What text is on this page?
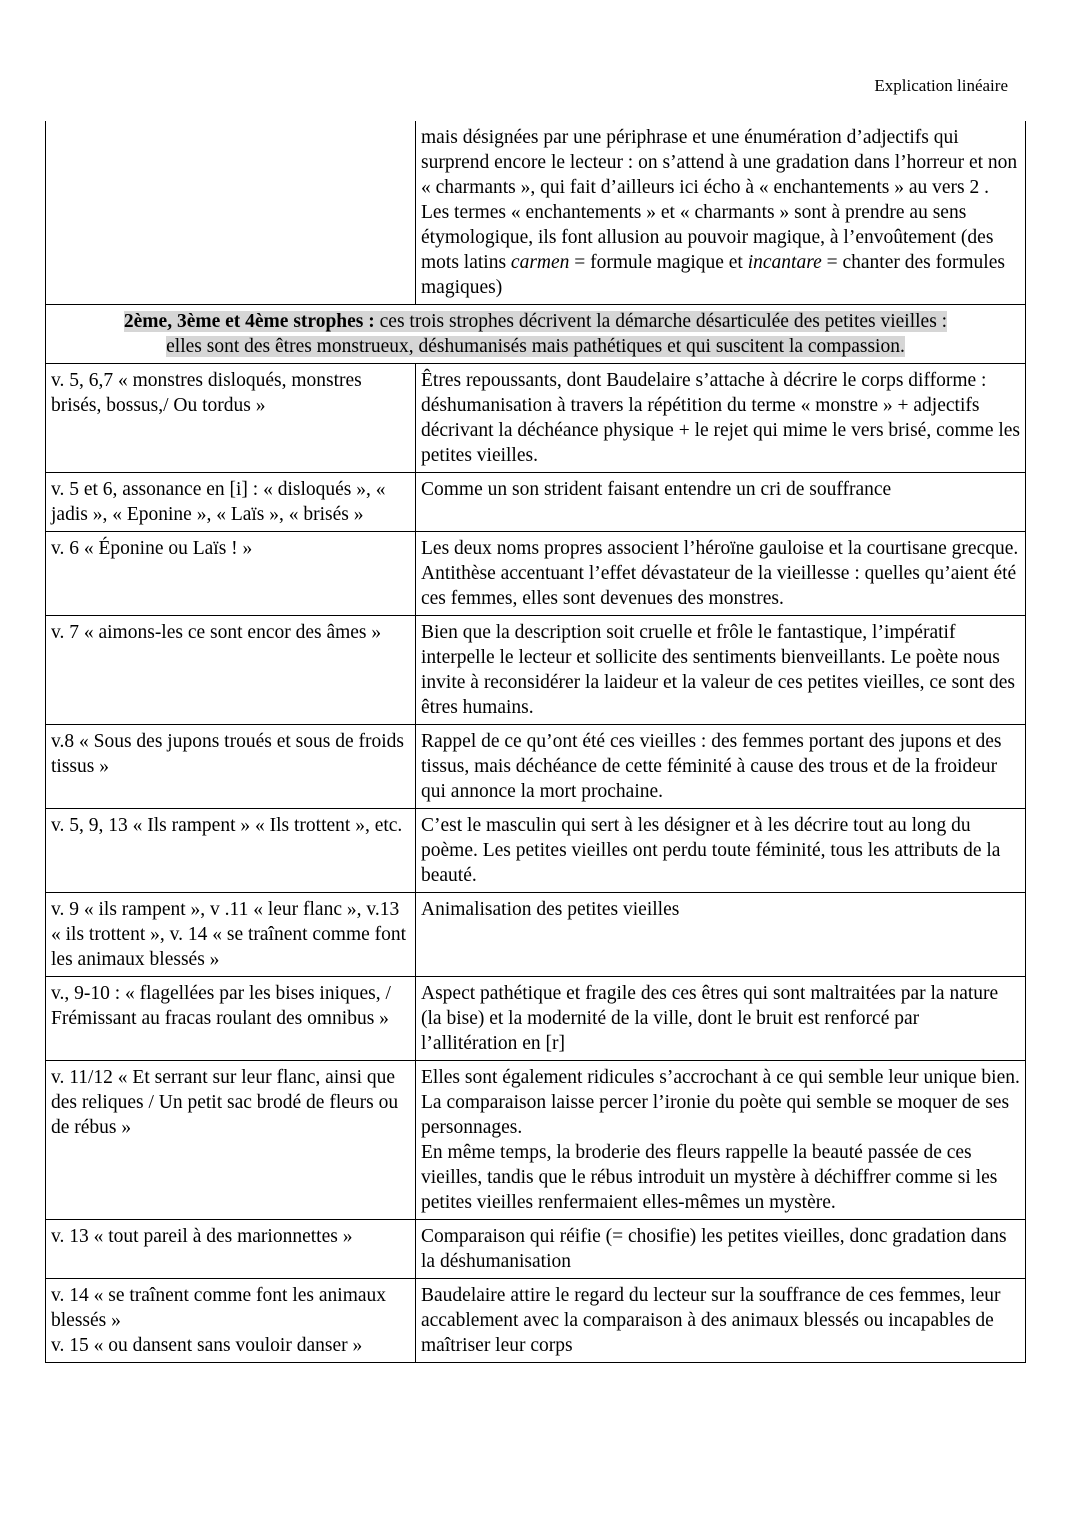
Explication linéaire

	mais désignées par une périphrase et une énumération d’adjectifs qui surprend encore le lecteur : on s’attend à une gradation dans l’horreur et non « charmants », qui fait d’ailleurs ici écho à « enchantements » au vers 2 .
Les termes « enchantements » et « charmants » sont à prendre au sens étymologique, ils font allusion au pouvoir magique, à l’envoûtement (des mots latins carmen = formule magique et incantare = chanter des formules magiques)

2ème, 3ème et 4ème strophes : ces trois strophes décrivent la démarche désarticulée des petites vieilles :
elles sont des êtres monstrueux, déshumanisés mais pathétiques et qui suscitent la compassion.	

v. 5, 6,7 « monstres disloqués, monstres brisés, bossus,/ Ou tordus »	Êtres repoussants, dont Baudelaire s’attache à décrire le corps difforme : déshumanisation à travers la répétition du terme « monstre » + adjectifs décrivant la déchéance physique + le rejet qui mime le vers brisé, comme les petites vieilles.

v. 5 et 6, assonance en [i] : « disloqués », « jadis », « Eponine », « Laïs », « brisés »	Comme un son strident faisant entendre un cri de souffrance

v. 6 « Éponine ou Laïs ! »	Les deux noms propres associent l’héroïne gauloise et la courtisane grecque. Antithèse accentuant l’effet dévastateur de la vieillesse : quelles qu’aient été ces femmes, elles sont devenues des monstres.

v. 7 « aimons-les ce sont encor des âmes »	Bien que la description soit cruelle et frôle le fantastique, l’impératif interpelle le lecteur et sollicite des sentiments bienveillants. Le poète nous invite à reconsidérer la laideur et la valeur de ces petites vieilles, ce sont des êtres humains.

v.8 « Sous des jupons troués et sous de froids tissus »	Rappel de ce qu’ont été ces vieilles : des femmes portant des jupons et des tissus, mais déchéance de cette féminité à cause des trous et de la froideur qui annonce la mort prochaine.

v. 5, 9, 13 « Ils rampent » « Ils trottent », etc.	C’est le masculin qui sert à les désigner et à les décrire tout au long du poème. Les petites vieilles ont perdu toute féminité, tous les attributs de la beauté.

v. 9 « ils rampent », v .11 « leur flanc », v.13 « ils trottent », v. 14 « se traînent comme font les animaux blessés »	Animalisation des petites vieilles

v., 9-10 : « flagellées par les bises iniques, / Frémissant au fracas roulant des omnibus »	Aspect pathétique et fragile des ces êtres qui sont maltraitées par la nature (la bise) et la modernité de la ville, dont le bruit est renforcé par l’allitération en [r]

v. 11/12 « Et serrant sur leur flanc, ainsi que des reliques / Un petit sac brodé de fleurs ou de rébus »	Elles sont également ridicules s’accrochant à ce qui semble leur unique bien. La comparaison laisse percer l’ironie du poète qui semble se moquer de ses personnages.
En même temps, la broderie des fleurs rappelle la beauté passée de ces vieilles, tandis que le rébus introduit un mystère à déchiffrer comme si les petites vieilles renfermaient elles-mêmes un mystère.

v. 13 « tout pareil à des marionnettes »	Comparaison qui réifie (= chosifie) les petites vieilles, donc gradation dans la déshumanisation

v. 14 « se traînent comme font les animaux blessés »
v. 15 « ou dansent sans vouloir danser »	Baudelaire attire le regard du lecteur sur la souffrance de ces femmes, leur accablement avec la comparaison à des animaux blessés ou incapables de maîtriser leur corps
